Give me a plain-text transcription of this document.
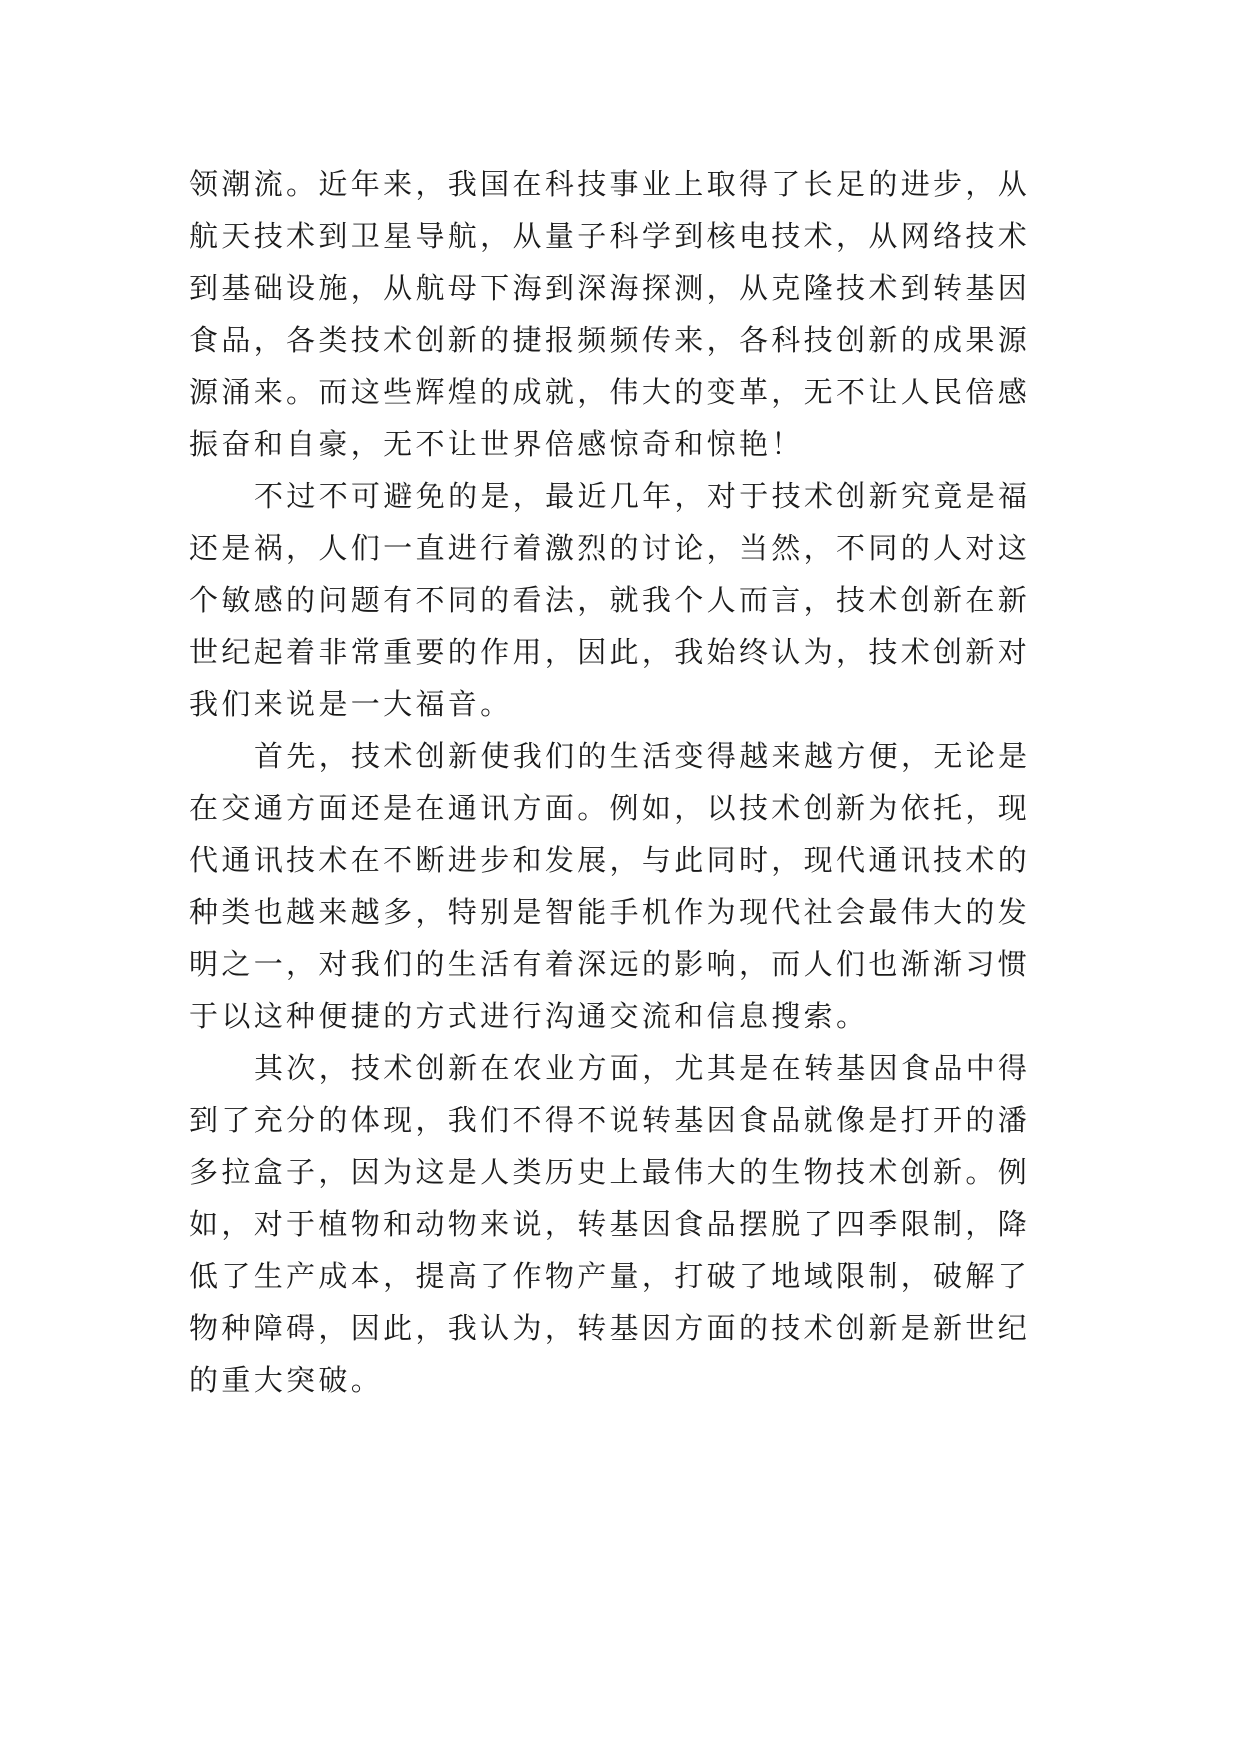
领潮流。近年来，我国在科技事业上取得了长足的进步，从
航天技术到卫星导航，从量子科学到核电技术，从网络技术
到基础设施，从航母下海到深海探测，从克隆技术到转基因
食品，各类技术创新的捷报频频传来，各科技创新的成果源
源涌来。而这些辉煌的成就，伟大的变革，无不让人民倍感
振奋和自豪，无不让世界倍感惊奇和惊艳！
不过不可避免的是，最近几年，对于技术创新究竟是福
还是祸，人们一直进行着激烈的讨论，当然，不同的人对这
个敏感的问题有不同的看法，就我个人而言，技术创新在新
世纪起着非常重要的作用，因此，我始终认为，技术创新对
我们来说是一大福音。
首先，技术创新使我们的生活变得越来越方便，无论是
在交通方面还是在通讯方面。例如，以技术创新为依托，现
代通讯技术在不断进步和发展，与此同时，现代通讯技术的
种类也越来越多，特别是智能手机作为现代社会最伟大的发
明之一，对我们的生活有着深远的影响，而人们也渐渐习惯
于以这种便捷的方式进行沟通交流和信息搜索。
其次，技术创新在农业方面，尤其是在转基因食品中得
到了充分的体现，我们不得不说转基因食品就像是打开的潘
多拉盒子，因为这是人类历史上最伟大的生物技术创新。例
如，对于植物和动物来说，转基因食品摆脱了四季限制，降
低了生产成本，提高了作物产量，打破了地域限制，破解了
物种障碍，因此，我认为，转基因方面的技术创新是新世纪
的重大突破。
